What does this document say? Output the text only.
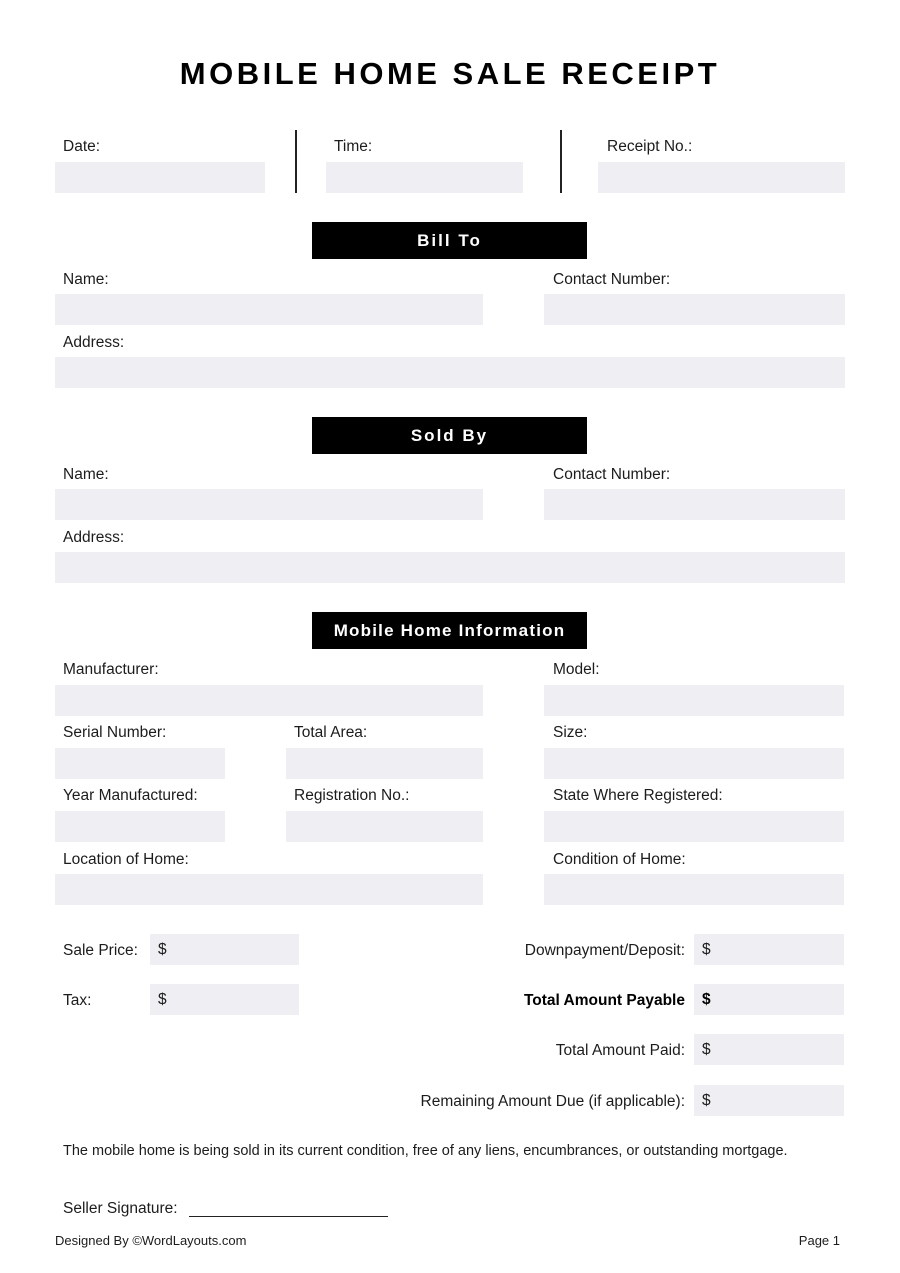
MOBILE HOME SALE RECEIPT
Date:	Time:	Receipt No.:
Bill To
Name:	Contact Number:
Address:
Sold By
Name:	Contact Number:
Address:
Mobile Home Information
Manufacturer:	Model:
Serial Number:	Total Area:	Size:
Year Manufactured:	Registration No.:	State Where Registered:
Location of Home:	Condition of Home:
Sale Price: $
Tax:	$
Downpayment/Deposit: $
Total Amount Payable $
Total Amount Paid: $
Remaining Amount Due (if applicable): $
The mobile home is being sold in its current condition, free of any liens, encumbrances, or outstanding mortgage.
Seller Signature:
Designed By ©WordLayouts.com	Page 1
